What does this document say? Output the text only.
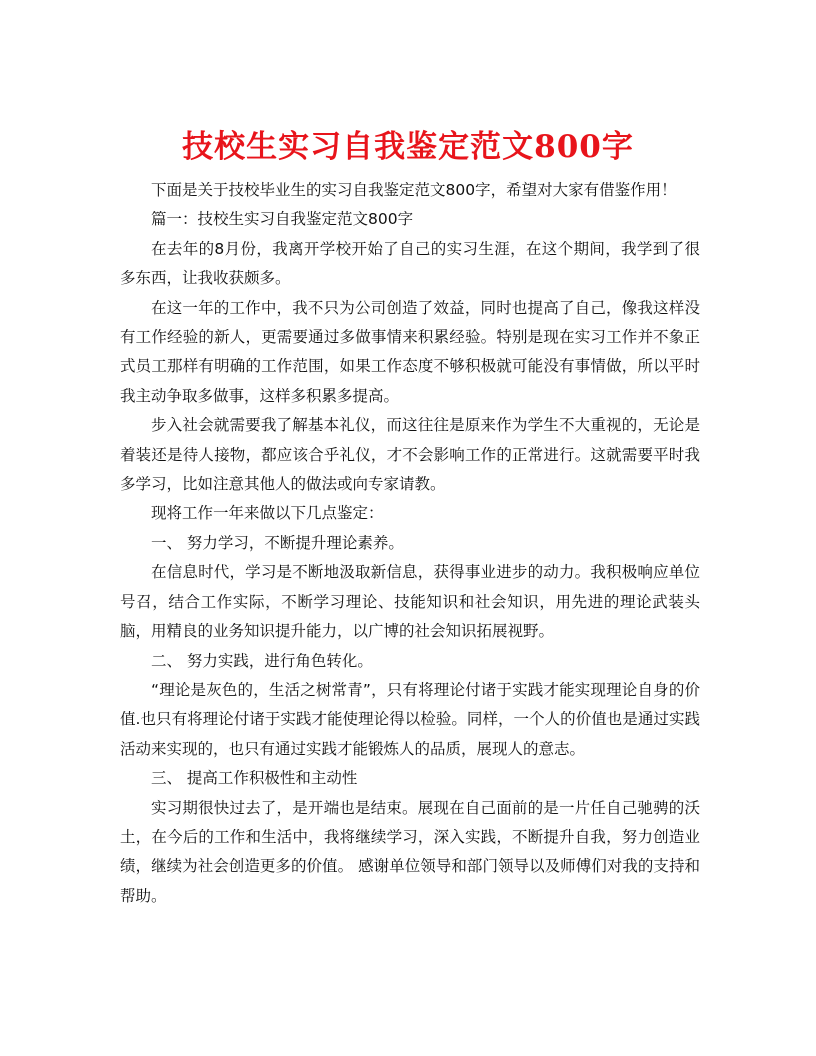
技校生实习自我鉴定范文800字

下面是关于技校毕业生的实习自我鉴定范文800字，希望对大家有借鉴作用！

篇一：技校生实习自我鉴定范文800字

在去年的8月份，我离开学校开始了自己的实习生涯，在这个期间，我学到了很多东西，让我收获颇多。

在这一年的工作中，我不只为公司创造了效益，同时也提高了自己，像我这样没有工作经验的新人，更需要通过多做事情来积累经验。特别是现在实习工作并不象正式员工那样有明确的工作范围，如果工作态度不够积极就可能没有事情做，所以平时我主动争取多做事，这样多积累多提高。

步入社会就需要我了解基本礼仪，而这往往是原来作为学生不大重视的，无论是着装还是待人接物，都应该合乎礼仪，才不会影响工作的正常进行。这就需要平时我多学习，比如注意其他人的做法或向专家请教。

现将工作一年来做以下几点鉴定：

一、 努力学习，不断提升理论素养。

在信息时代，学习是不断地汲取新信息，获得事业进步的动力。我积极响应单位号召，结合工作实际，不断学习理论、技能知识和社会知识，用先进的理论武装头脑，用精良的业务知识提升能力，以广博的社会知识拓展视野。

二、 努力实践，进行角色转化。

“理论是灰色的，生活之树常青”，只有将理论付诸于实践才能实现理论自身的价值.也只有将理论付诸于实践才能使理论得以检验。同样，一个人的价值也是通过实践活动来实现的，也只有通过实践才能锻炼人的品质，展现人的意志。

三、 提高工作积极性和主动性

实习期很快过去了，是开端也是结束。展现在自己面前的是一片任自己驰骋的沃土，在今后的工作和生活中，我将继续学习，深入实践，不断提升自我，努力创造业绩，继续为社会创造更多的价值。 感谢单位领导和部门领导以及师傅们对我的支持和帮助。
